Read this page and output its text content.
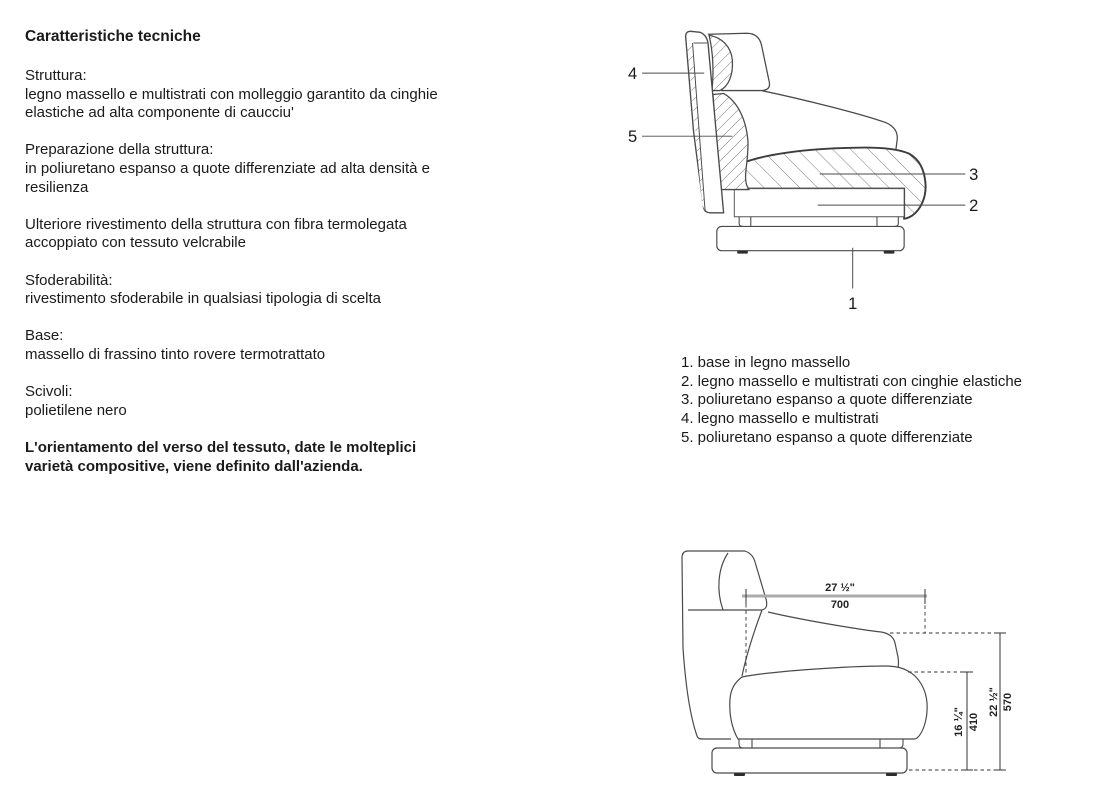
Caratteristiche tecniche
Struttura:
legno massello e multistrati con molleggio garantito da cinghie elastiche ad alta componente di caucciu'
Preparazione della struttura:
in poliuretano espanso a quote differenziate ad alta densità e resilienza
Ulteriore rivestimento della struttura con fibra termolegata accoppiato con tessuto velcrabile
Sfoderabilità:
rivestimento sfoderabile in qualsiasi tipologia di scelta
Base:
massello di frassino tinto rovere termotrattato
Scivoli:
polietilene nero
L'orientamento del verso del tessuto, date le molteplici varietà compositive, viene definito dall'azienda.
4
5
3
2
1
1. base in legno massello
2. legno massello e multistrati con cinghie elastiche
3. poliuretano espanso a quote differenziate
4. legno massello e multistrati
5. poliuretano espanso a quote differenziate
27 ½"
700
16 ¼" 410
22 ½" 570
